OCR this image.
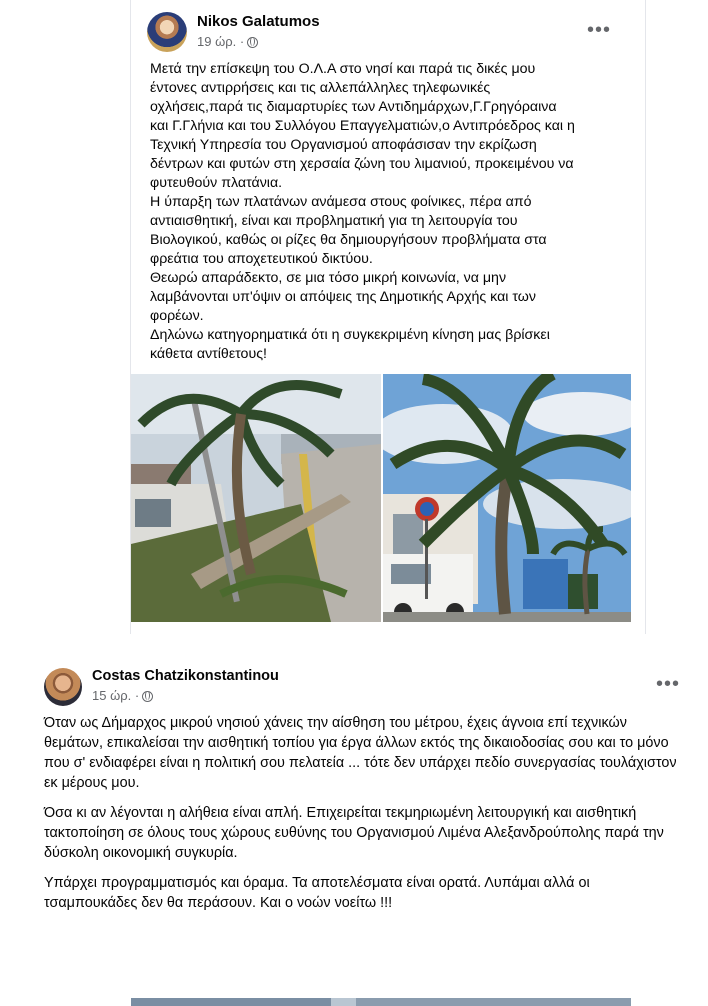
Nikos Galatumos
19 ώρ. ·
•••
Μετά την επίσκεψη του Ο.Λ.Α στο νησί και παρά τις δικές μου
έντονες αντιρρήσεις και τις αλλεπάλληλες τηλεφωνικές
οχλήσεις,παρά τις διαμαρτυρίες των Αντιδημάρχων,Γ.Γρηγόραινα
και Γ.Γλήνια και του Συλλόγου Επαγγελματιών,ο Αντιπρόεδρος και η
Τεχνική Υπηρεσία του Οργανισμού αποφάσισαν την εκρίζωση
δέντρων και φυτών στη χερσαία ζώνη του λιμανιού, προκειμένου να
φυτευθούν πλατάνια.
Η ύπαρξη των πλατάνων ανάμεσα στους φοίνικες, πέρα από
αντιαισθητική, είναι και προβληματική για τη λειτουργία του
Βιολογικού, καθώς οι ρίζες θα δημιουργήσουν προβλήματα στα
φρεάτια του αποχετευτικού δικτύου.
Θεωρώ απαράδεκτο, σε μια τόσο μικρή κοινωνία, να μην
λαμβάνονται υπ'όψιν οι απόψεις της Δημοτικής Αρχής και των
φορέων.
Δηλώνω κατηγορηματικά ότι η συγκεκριμένη κίνηση μας βρίσκει
κάθετα αντίθετους!
Costas Chatzikonstantinou
15 ώρ. ·
•••

Όταν ως Δήμαρχος μικρού νησιού χάνεις την αίσθηση του μέτρου, έχεις άγνοια επί τεχνικών θεμάτων, επικαλείσαι την αισθητική τοπίου για έργα άλλων εκτός της δικαιοδοσίας σου και το μόνο που σ' ενδιαφέρει είναι η πολιτική σου πελατεία ... τότε δεν υπάρχει πεδίο συνεργασίας τουλάχιστον εκ μέρους μου.

Όσα κι αν λέγονται η αλήθεια είναι απλή. Επιχειρείται τεκμηριωμένη λειτουργική και αισθητική τακτοποίηση σε όλους τους χώρους ευθύνης του Οργανισμού Λιμένα Αλεξανδρούπολης παρά την δύσκολη οικονομική συγκυρία.

Υπάρχει προγραμματισμός και όραμα. Τα αποτελέσματα είναι ορατά. Λυπάμαι αλλά οι τσαμπουκάδες δεν θα περάσουν. Και ο νοών νοείτω !!!
